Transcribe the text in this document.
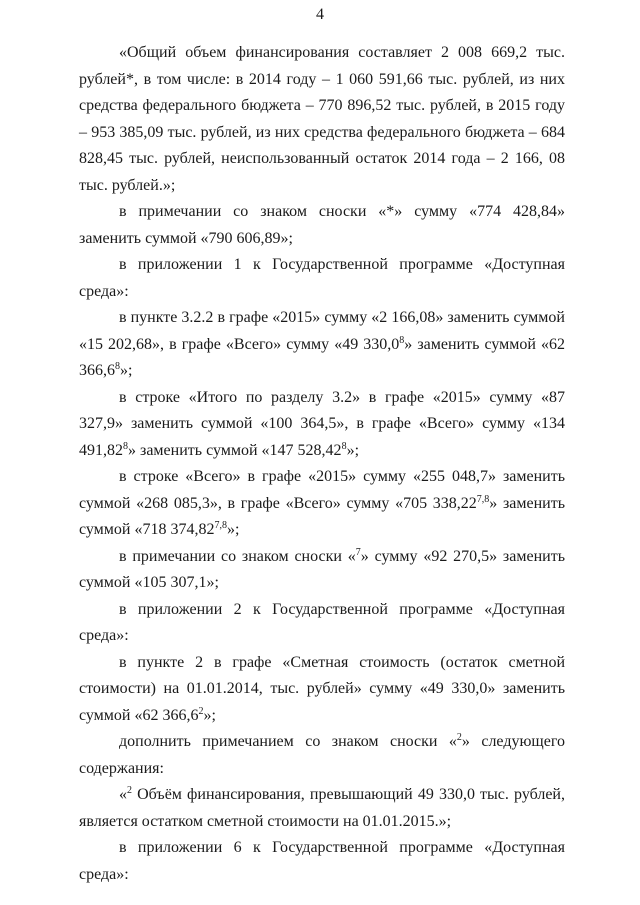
4

«Общий объем финансирования составляет 2 008 669,2 тыс. рублей*, в том числе: в 2014 году – 1 060 591,66 тыс. рублей, из них средства федерального бюджета – 770 896,52 тыс. рублей, в 2015 году – 953 385,09 тыс. рублей, из них средства федерального бюджета – 684 828,45 тыс. рублей, неиспользованный остаток 2014 года – 2 166, 08 тыс. рублей.»;

в примечании со знаком сноски «*» сумму «774 428,84» заменить суммой «790 606,89»;

в приложении 1 к Государственной программе «Доступная среда»:

в пункте 3.2.2 в графе «2015» сумму «2 166,08» заменить суммой «15 202,68», в графе «Всего» сумму «49 330,0$^8$» заменить суммой «62 366,6$^8$»;

в строке «Итого по разделу 3.2» в графе «2015» сумму «87 327,9» заменить суммой «100 364,5», в графе «Всего» сумму «134 491,82$^8$» заменить суммой «147 528,42$^8$»;

в строке «Всего» в графе «2015» сумму «255 048,7» заменить суммой «268 085,3», в графе «Всего» сумму «705 338,22$^{7,8}$» заменить суммой «718 374,82$^{7,8}$»;

в примечании со знаком сноски «$^7$» сумму «92 270,5» заменить суммой «105 307,1»;

в приложении 2 к Государственной программе «Доступная среда»:

в пункте 2 в графе «Сметная стоимость (остаток сметной стоимости) на 01.01.2014, тыс. рублей» сумму «49 330,0» заменить суммой «62 366,6$^2$»;

дополнить примечанием со знаком сноски «$^2$» следующего содержания:

«$^2$ Объём финансирования, превышающий 49 330,0 тыс. рублей, является остатком сметной стоимости на 01.01.2015.»;

в приложении 6 к Государственной программе «Доступная среда»:
